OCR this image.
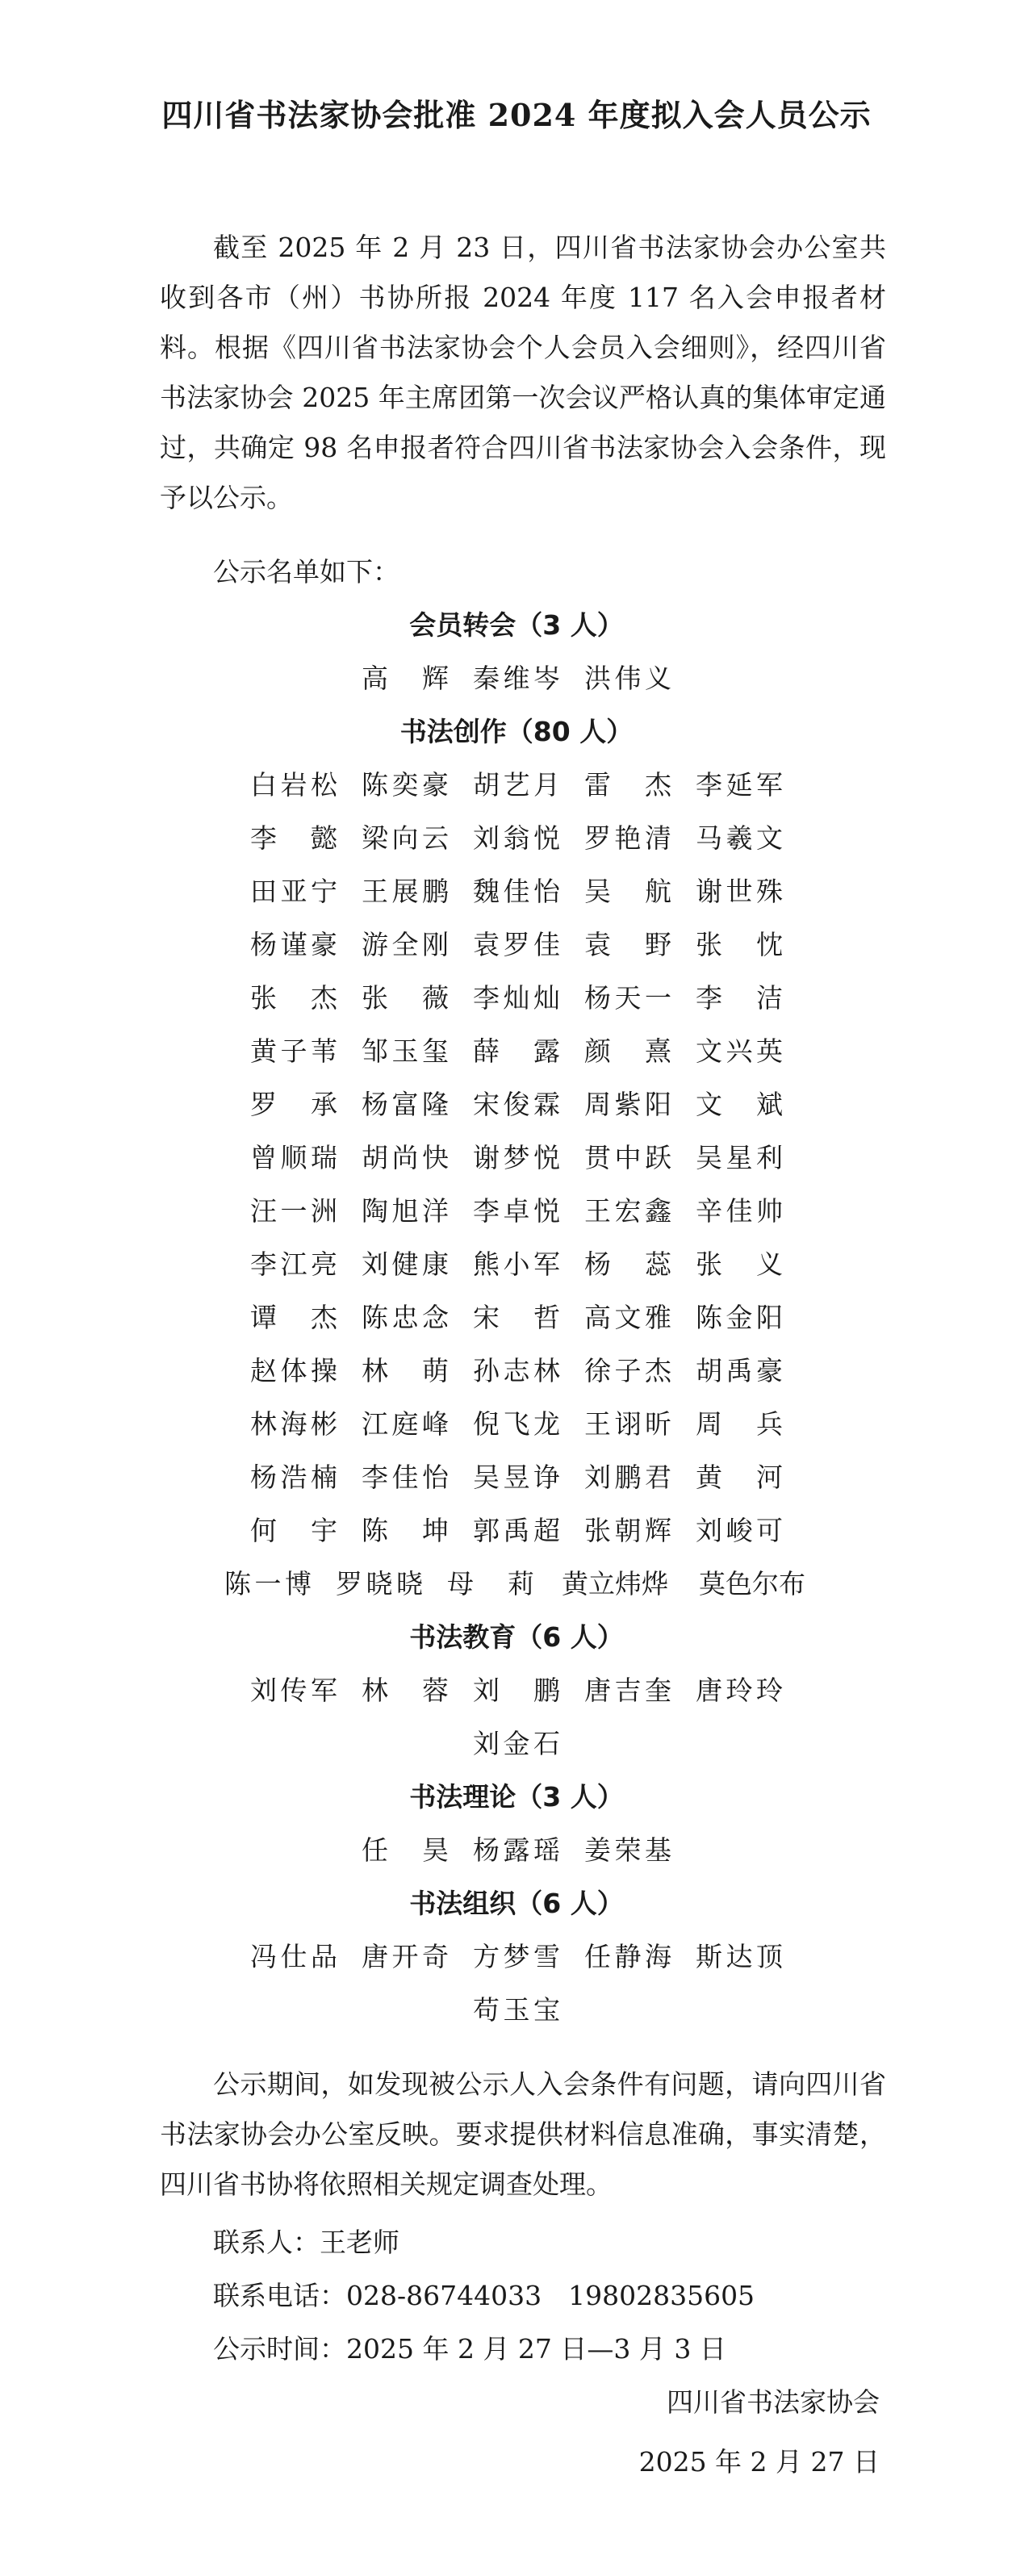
四川省书法家协会批准 2024 年度拟入会人员公示

截至 2025 年 2 月 23 日，四川省书法家协会办公室共收到各市（州）书协所报 2024 年度 117 名入会申报者材料。根据《四川省书法家协会个人会员入会细则》，经四川省书法家协会 2025 年主席团第一次会议严格认真的集体审定通过，共确定 98 名申报者符合四川省书法家协会入会条件，现予以公示。

公示名单如下：

会员转会（3 人）
高辉 秦维岑 洪伟义
书法创作（80 人）
白岩松 陈奕豪 胡艺月 雷杰 李延军
李懿 梁向云 刘翁悦 罗艳清 马羲文
田亚宁 王展鹏 魏佳怡 吴航 谢世殊
杨谨豪 游全刚 袁罗佳 袁野 张忱
张杰 张薇 李灿灿 杨天一 李洁
黄子苇 邹玉玺 薛露 颜熹 文兴英
罗承 杨富隆 宋俊霖 周紫阳 文斌
曾顺瑞 胡尚快 谢梦悦 贯中跃 吴星利
汪一洲 陶旭洋 李卓悦 王宏鑫 辛佳帅
李江亮 刘健康 熊小军 杨蕊 张义
谭杰 陈忠念 宋哲 高文雅 陈金阳
赵体操 林萌 孙志林 徐子杰 胡禹豪
林海彬 江庭峰 倪飞龙 王诩昕 周兵
杨浩楠 李佳怡 吴昱诤 刘鹏君 黄河
何宇 陈坤 郭禹超 张朝辉 刘峻可
陈一博 罗晓晓 母莉 黄立炜烨 莫色尔布
书法教育（6 人）
刘传军 林蓉 刘鹏 唐吉奎 唐玲玲
刘金石
书法理论（3 人）
任昊 杨露瑶 姜荣基
书法组织（6 人）
冯仕品 唐开奇 方梦雪 任静海 斯达顶
苟玉宝

公示期间，如发现被公示人入会条件有问题，请向四川省书法家协会办公室反映。要求提供材料信息准确，事实清楚，四川省书协将依照相关规定调查处理。

联系人：王老师

联系电话：028-86744033　19802835605

公示时间：2025 年 2 月 27 日—3 月 3 日

四川省书法家协会

2025 年 2 月 27 日
